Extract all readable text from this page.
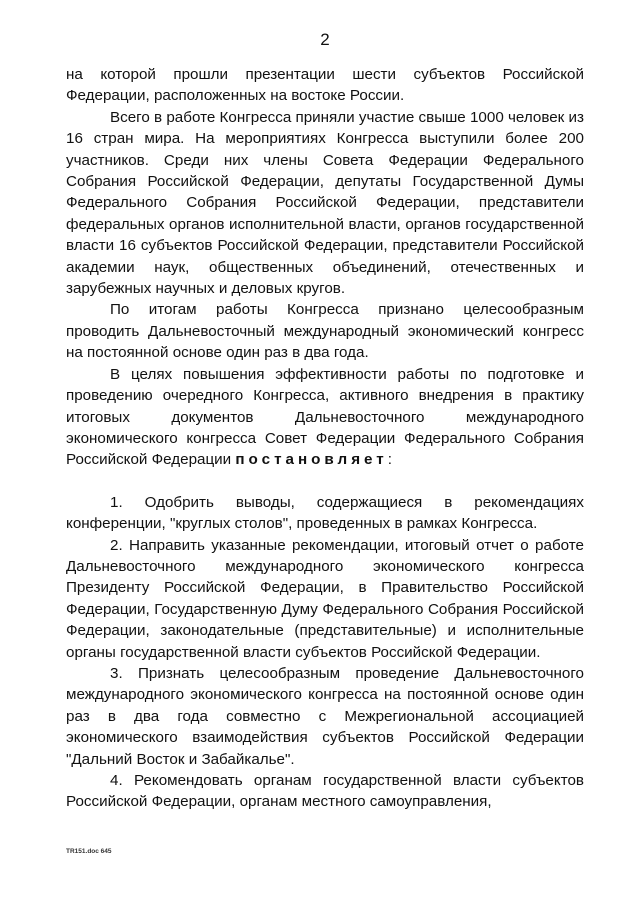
2

на которой прошли презентации шести субъектов Российской Федерации, расположенных на востоке России.

Всего в работе Конгресса приняли участие свыше 1000 человек из 16 стран мира. На мероприятиях Конгресса выступили более 200 участников. Среди них члены Совета Федерации Федерального Собрания Российской Федерации, депутаты Государственной Думы Федерального Собрания Российской Федерации, представители федеральных органов исполнительной власти, органов государственной власти 16 субъектов Российской Федерации, представители Российской академии наук, общественных объединений, отечественных и зарубежных научных и деловых кругов.

По итогам работы Конгресса признано целесообразным проводить Дальневосточный международный экономический конгресс на постоянной основе один раз в два года.

В целях повышения эффективности работы по подготовке и проведению очередного Конгресса, активного внедрения в практику итоговых документов Дальневосточного международного экономического конгресса Совет Федерации Федерального Собрания Российской Федерации постановляет:

1. Одобрить выводы, содержащиеся в рекомендациях конференции, "круглых столов", проведенных в рамках Конгресса.

2. Направить указанные рекомендации, итоговый отчет о работе Дальневосточного международного экономического конгресса Президенту Российской Федерации, в Правительство Российской Федерации, Государственную Думу Федерального Собрания Российской Федерации, законодательные (представительные) и исполнительные органы государственной власти субъектов Российской Федерации.

3. Признать целесообразным проведение Дальневосточного международного экономического конгресса на постоянной основе один раз в два года совместно с Межрегиональной ассоциацией экономического взаимодействия субъектов Российской Федерации "Дальний Восток и Забайкалье".

4. Рекомендовать органам государственной власти субъектов Российской Федерации, органам местного самоуправления,

TR151.doc 645
